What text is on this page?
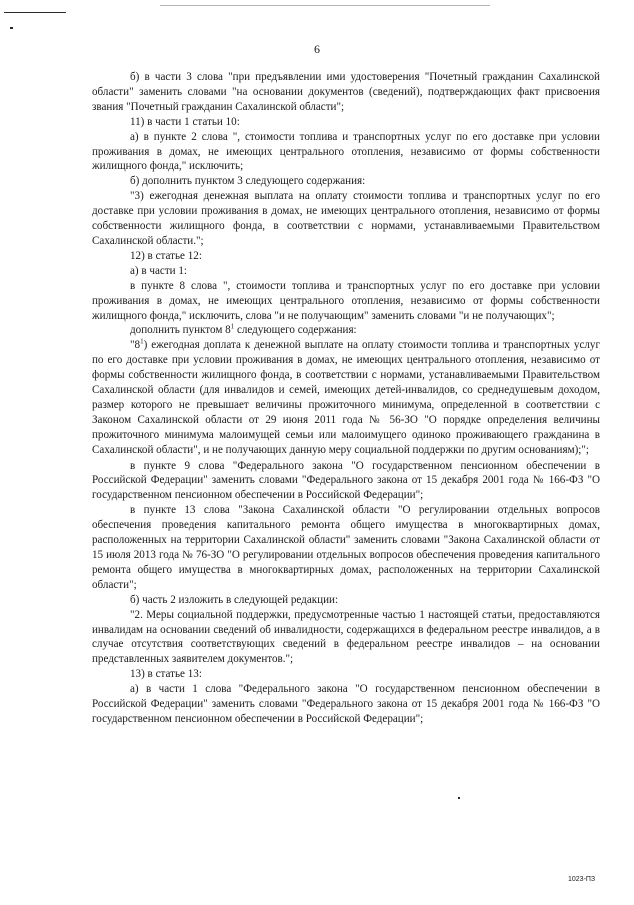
6

б) в части 3 слова "при предъявлении ими удостоверения "Почетный гражданин Сахалинской области" заменить словами "на основании документов (сведений), подтверждающих факт присвоения звания "Почетный гражданин Сахалинской области";

11) в части 1 статьи 10:

а) в пункте 2 слова ", стоимости топлива и транспортных услуг по его доставке при условии проживания в домах, не имеющих центрального отопления, независимо от формы собственности жилищного фонда," исключить;

б) дополнить пунктом 3 следующего содержания:

"3) ежегодная денежная выплата на оплату стоимости топлива и транспортных услуг по его доставке при условии проживания в домах, не имеющих центрального отопления, независимо от формы собственности жилищного фонда, в соответствии с нормами, устанавливаемыми Правительством Сахалинской области.";

12) в статье 12:

а) в части 1:

в пункте 8 слова ", стоимости топлива и транспортных услуг по его доставке при условии проживания в домах, не имеющих центрального отопления, независимо от формы собственности жилищного фонда," исключить, слова "и не получающим" заменить словами "и не получающих";

дополнить пунктом $8^1$ следующего содержания:

"$8^1$) ежегодная доплата к денежной выплате на оплату стоимости топлива и транспортных услуг по его доставке при условии проживания в домах, не имеющих центрального отопления, независимо от формы собственности жилищного фонда, в соответствии с нормами, устанавливаемыми Правительством Сахалинской области (для инвалидов и семей, имеющих детей-инвалидов, со среднедушевым доходом, размер которого не превышает величины прожиточного минимума, определенной в соответствии с Законом Сахалинской области от 29 июня 2011 года № 56-ЗО "О порядке определения величины прожиточного минимума малоимущей семьи или малоимущего одиноко проживающего гражданина в Сахалинской области", и не получающих данную меру социальной поддержки по другим основаниям);";

в пункте 9 слова "Федерального закона "О государственном пенсионном обеспечении в Российской Федерации" заменить словами "Федерального закона от 15 декабря 2001 года № 166-ФЗ "О государственном пенсионном обеспечении в Российской Федерации";

в пункте 13 слова "Закона Сахалинской области "О регулировании отдельных вопросов обеспечения проведения капитального ремонта общего имущества в многоквартирных домах, расположенных на территории Сахалинской области" заменить словами "Закона Сахалинской области от 15 июля 2013 года № 76-ЗО "О регулировании отдельных вопросов обеспечения проведения капитального ремонта общего имущества в многоквартирных домах, расположенных на территории Сахалинской области";

б) часть 2 изложить в следующей редакции:

"2. Меры социальной поддержки, предусмотренные частью 1 настоящей статьи, предоставляются инвалидам на основании сведений об инвалидности, содержащихся в федеральном реестре инвалидов, а в случае отсутствия соответствующих сведений в федеральном реестре инвалидов – на основании представленных заявителем документов.";

13) в статье 13:

а) в части 1 слова "Федерального закона "О государственном пенсионном обеспечении в Российской Федерации" заменить словами "Федерального закона от 15 декабря 2001 года № 166-ФЗ "О государственном пенсионном обеспечении в Российской Федерации";

1023-ПЗ
